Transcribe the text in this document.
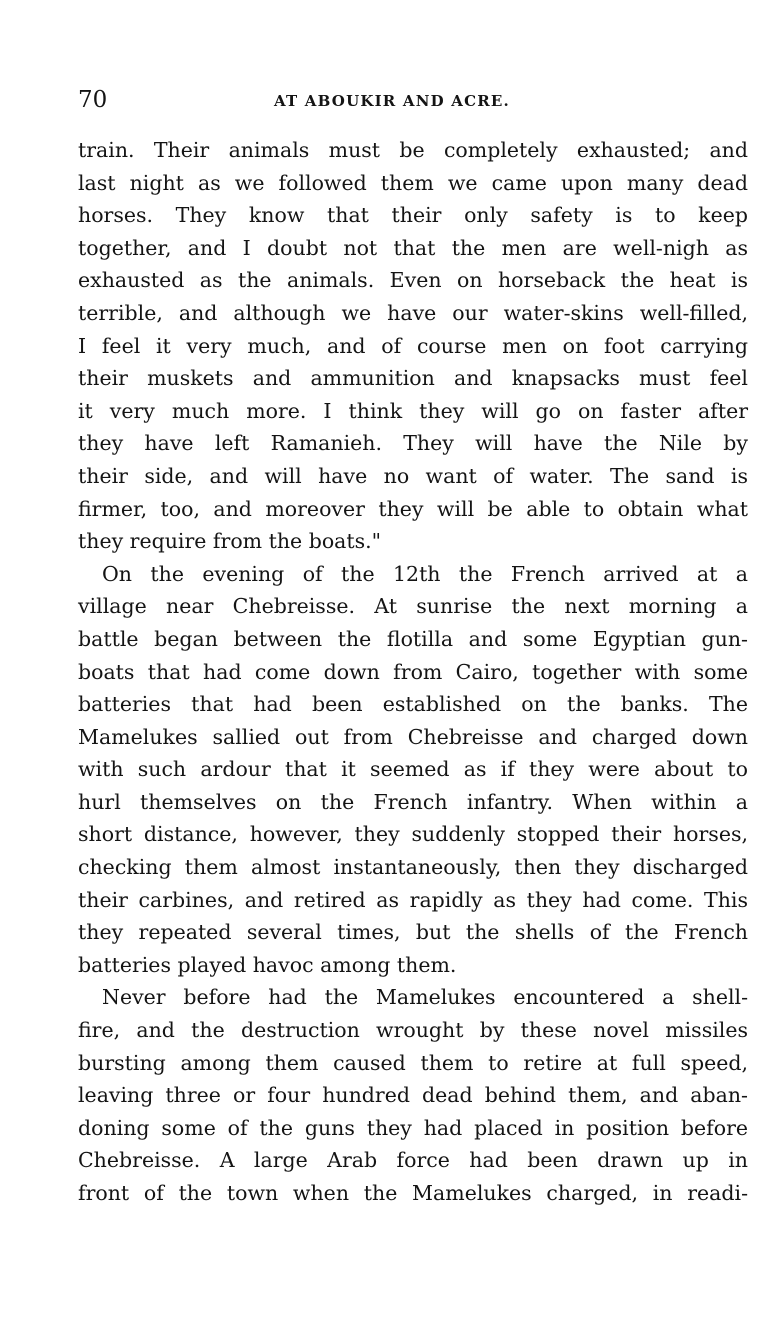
70	AT ABOUKIR AND ACRE.
train. Their animals must be completely exhausted; and
last night as we followed them we came upon many dead
horses. They know that their only safety is to keep
together, and I doubt not that the men are well-nigh as
exhausted as the animals. Even on horseback the heat is
terrible, and although we have our water-skins well-filled,
I feel it very much, and of course men on foot carrying
their muskets and ammunition and knapsacks must feel
it very much more. I think they will go on faster after
they have left Ramanieh. They will have the Nile by
their side, and will have no want of water. The sand is
firmer, too, and moreover they will be able to obtain what
they require from the boats."
On the evening of the 12th the French arrived at a
village near Chebreisse. At sunrise the next morning a
battle began between the flotilla and some Egyptian gun-
boats that had come down from Cairo, together with some
batteries that had been established on the banks. The
Mamelukes sallied out from Chebreisse and charged down
with such ardour that it seemed as if they were about to
hurl themselves on the French infantry. When within a
short distance, however, they suddenly stopped their horses,
checking them almost instantaneously, then they discharged
their carbines, and retired as rapidly as they had come. This
they repeated several times, but the shells of the French
batteries played havoc among them.
Never before had the Mamelukes encountered a shell-
fire, and the destruction wrought by these novel missiles
bursting among them caused them to retire at full speed,
leaving three or four hundred dead behind them, and aban-
doning some of the guns they had placed in position before
Chebreisse. A large Arab force had been drawn up in
front of the town when the Mamelukes charged, in readi-
